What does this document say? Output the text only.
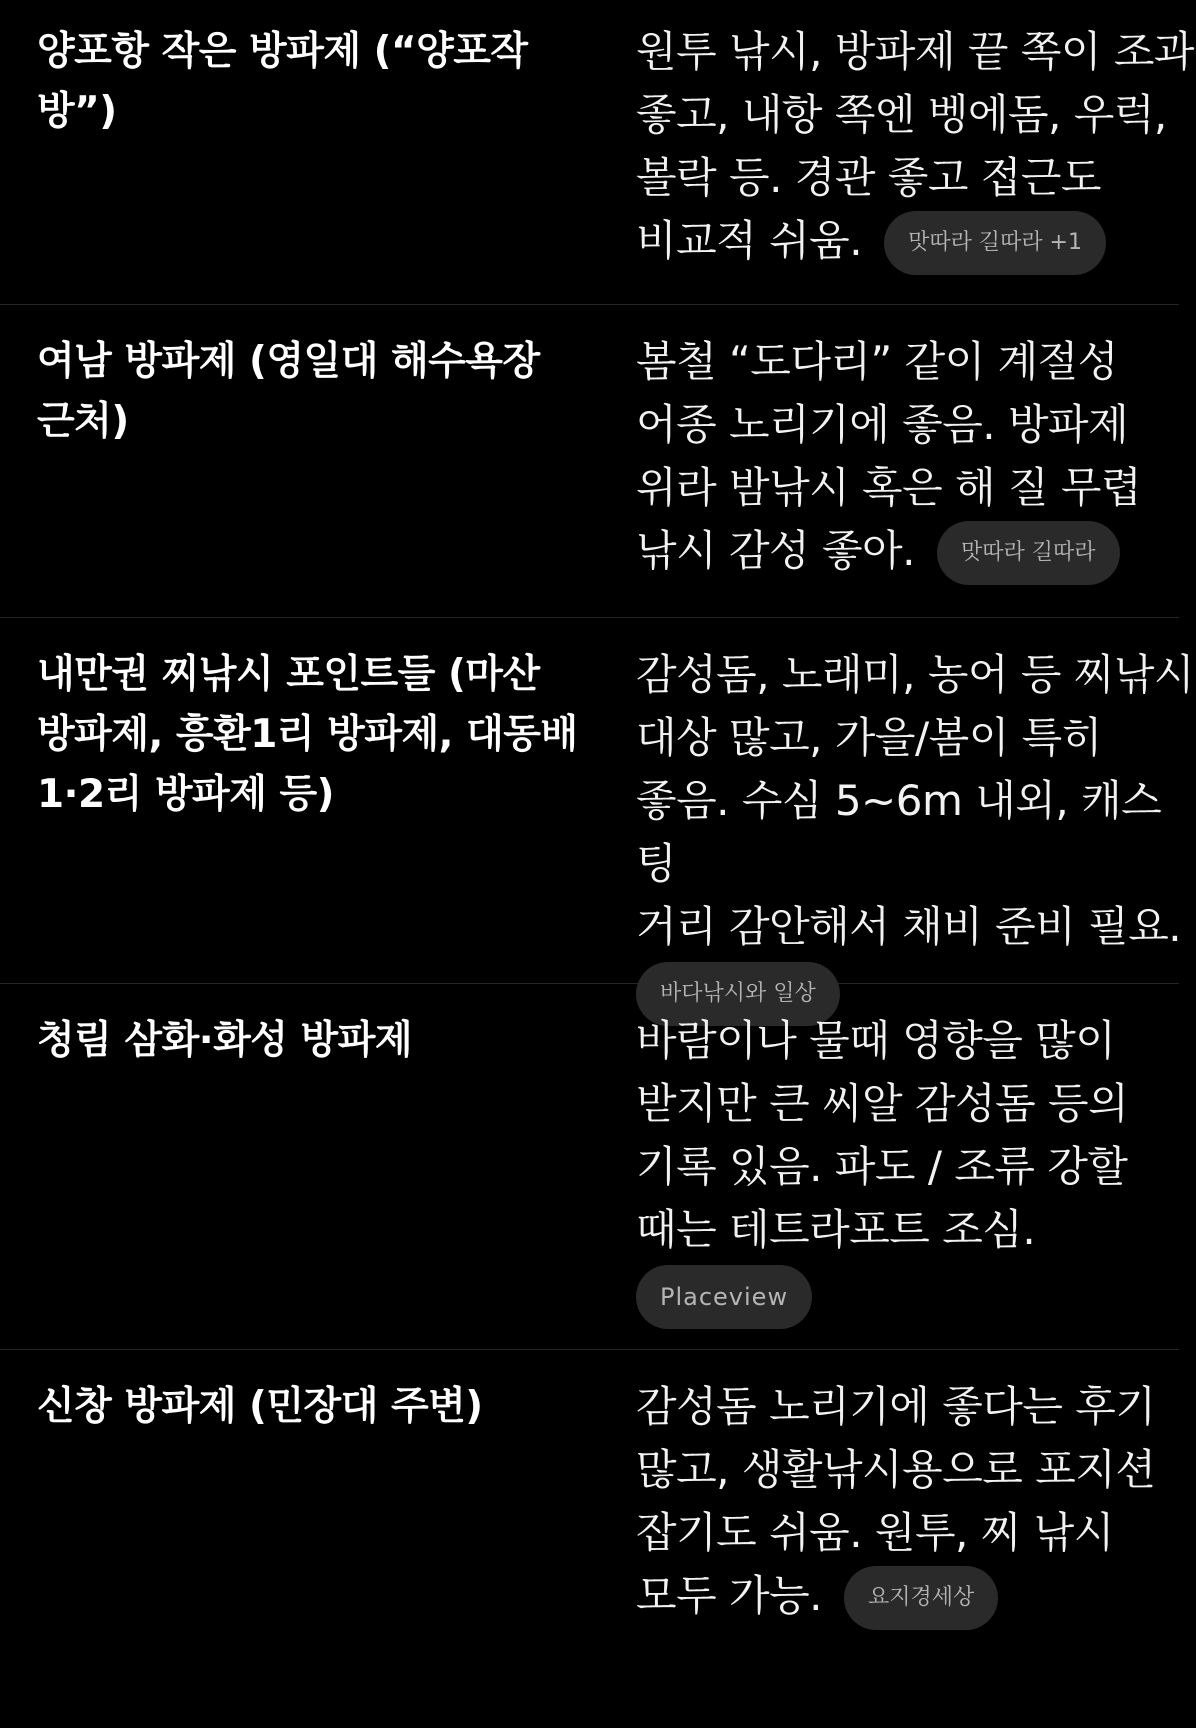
양포항 작은 방파제 (“양포작
방”)
원투 낚시, 방파제 끝 쪽이 조과
좋고, 내항 쪽엔 벵에돔, 우럭,
볼락 등. 경관 좋고 접근도
비교적 쉬움. 맛따라 길따라 +1
여남 방파제 (영일대 해수욕장
근처)
봄철 “도다리” 같이 계절성
어종 노리기에 좋음. 방파제
위라 밤낚시 혹은 해 질 무렵
낚시 감성 좋아. 맛따라 길따라
내만권 찌낚시 포인트들 (마산
방파제, 흥환1리 방파제, 대동배
1·2리 방파제 등)
감성돔, 노래미, 농어 등 찌낚시
대상 많고, 가을/봄이 특히
좋음. 수심 5~6m 내외, 캐스팅
거리 감안해서 채비 준비 필요.
바다낚시와 일상
청림 삼화·화성 방파제	바람이나 물때 영향을 많이
받지만 큰 씨알 감성돔 등의
기록 있음. 파도 / 조류 강할
때는 테트라포트 조심.
Placeview
신창 방파제 (민장대 주변)	감성돔 노리기에 좋다는 후기
많고, 생활낚시용으로 포지션
잡기도 쉬움. 원투, 찌 낚시
모두 가능. 요지경세상
